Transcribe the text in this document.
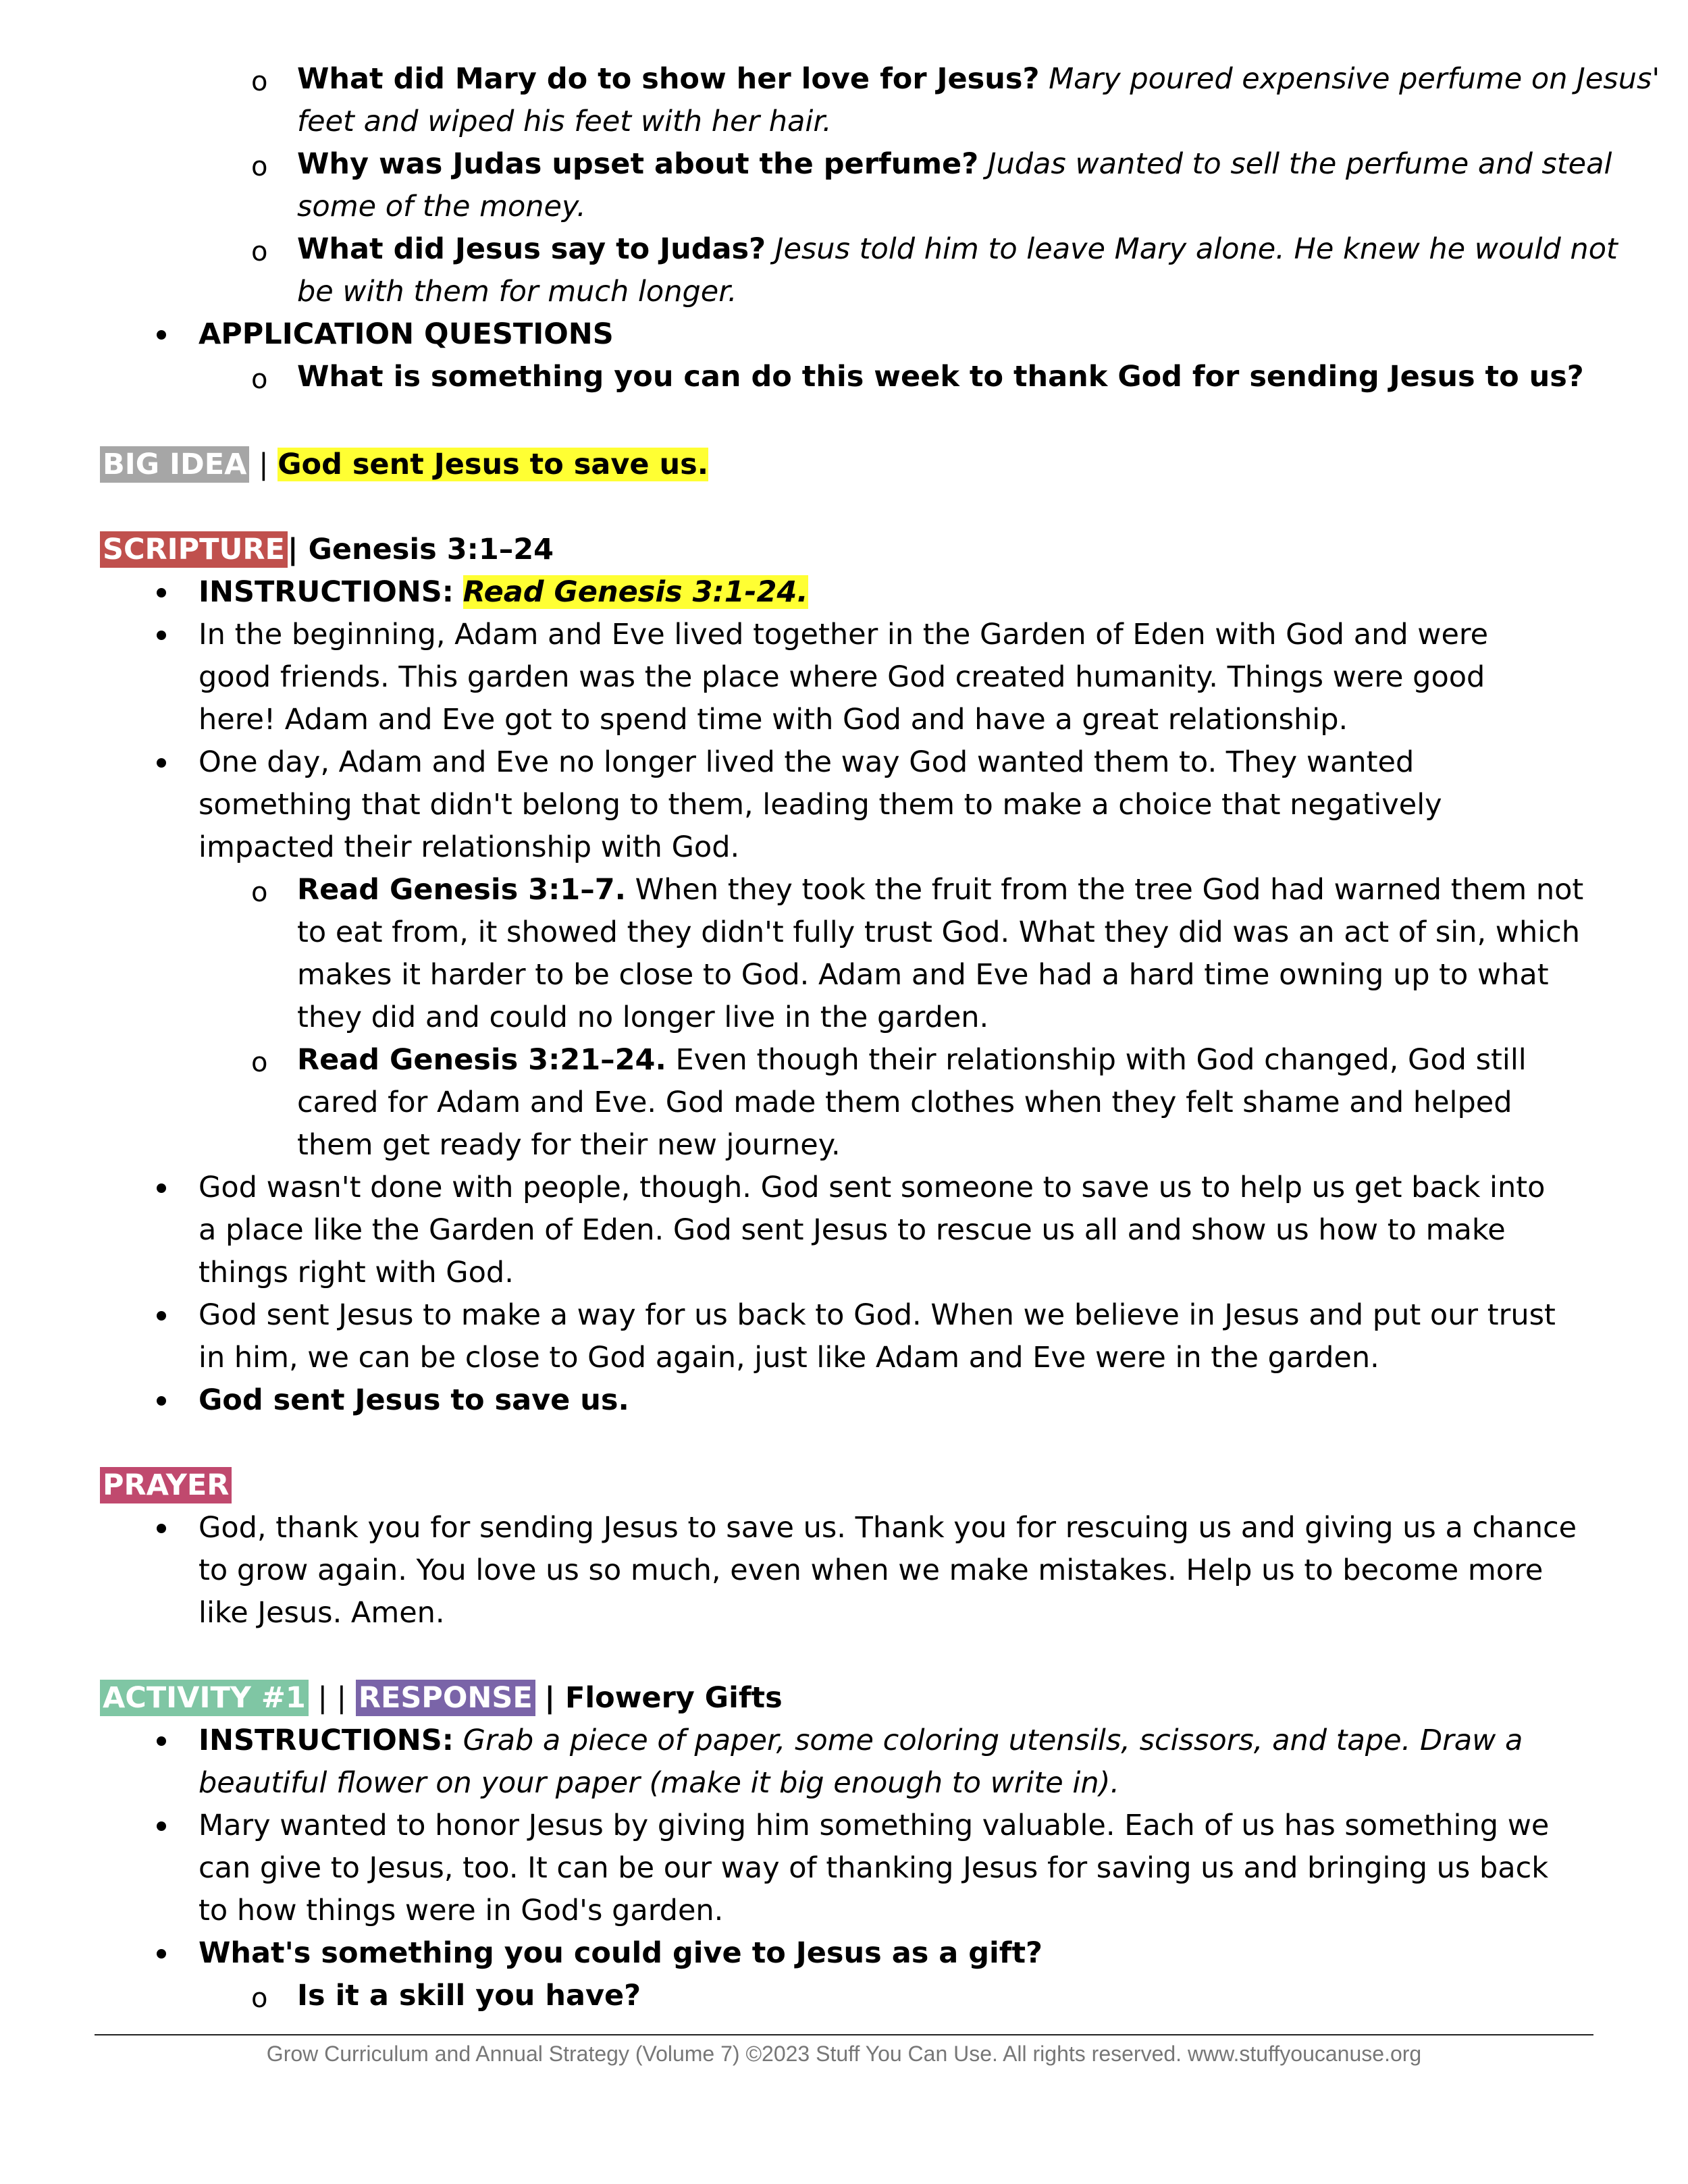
o What did Mary do to show her love for Jesus? Mary poured expensive perfume on Jesus'
feet and wiped his feet with her hair.
o Why was Judas upset about the perfume? Judas wanted to sell the perfume and steal
some of the money.
o What did Jesus say to Judas? Jesus told him to leave Mary alone. He knew he would not
be with them for much longer.
APPLICATION QUESTIONS
o What is something you can do this week to thank God for sending Jesus to us?
BIG IDEA | God sent Jesus to save us.
SCRIPTURE| Genesis 3:1–24
INSTRUCTIONS: Read Genesis 3:1-24.
In the beginning, Adam and Eve lived together in the Garden of Eden with God and were
good friends. This garden was the place where God created humanity. Things were good
here! Adam and Eve got to spend time with God and have a great relationship.
One day, Adam and Eve no longer lived the way God wanted them to. They wanted
something that didn't belong to them, leading them to make a choice that negatively
impacted their relationship with God.
o Read Genesis 3:1–7. When they took the fruit from the tree God had warned them not
to eat from, it showed they didn't fully trust God. What they did was an act of sin, which
makes it harder to be close to God. Adam and Eve had a hard time owning up to what
they did and could no longer live in the garden.
o Read Genesis 3:21–24. Even though their relationship with God changed, God still
cared for Adam and Eve. God made them clothes when they felt shame and helped
them get ready for their new journey.
God wasn't done with people, though. God sent someone to save us to help us get back into
a place like the Garden of Eden. God sent Jesus to rescue us all and show us how to make
things right with God.
God sent Jesus to make a way for us back to God. When we believe in Jesus and put our trust
in him, we can be close to God again, just like Adam and Eve were in the garden.
God sent Jesus to save us.
PRAYER
God, thank you for sending Jesus to save us. Thank you for rescuing us and giving us a chance
to grow again. You love us so much, even when we make mistakes. Help us to become more
like Jesus. Amen.
ACTIVITY #1 | | RESPONSE | Flowery Gifts
INSTRUCTIONS: Grab a piece of paper, some coloring utensils, scissors, and tape. Draw a
beautiful flower on your paper (make it big enough to write in).
Mary wanted to honor Jesus by giving him something valuable. Each of us has something we
can give to Jesus, too. It can be our way of thanking Jesus for saving us and bringing us back
to how things were in God's garden.
What's something you could give to Jesus as a gift?
o Is it a skill you have?
Grow Curriculum and Annual Strategy (Volume 7) ©2023 Stuff You Can Use. All rights reserved. www.stuffyoucanuse.org
